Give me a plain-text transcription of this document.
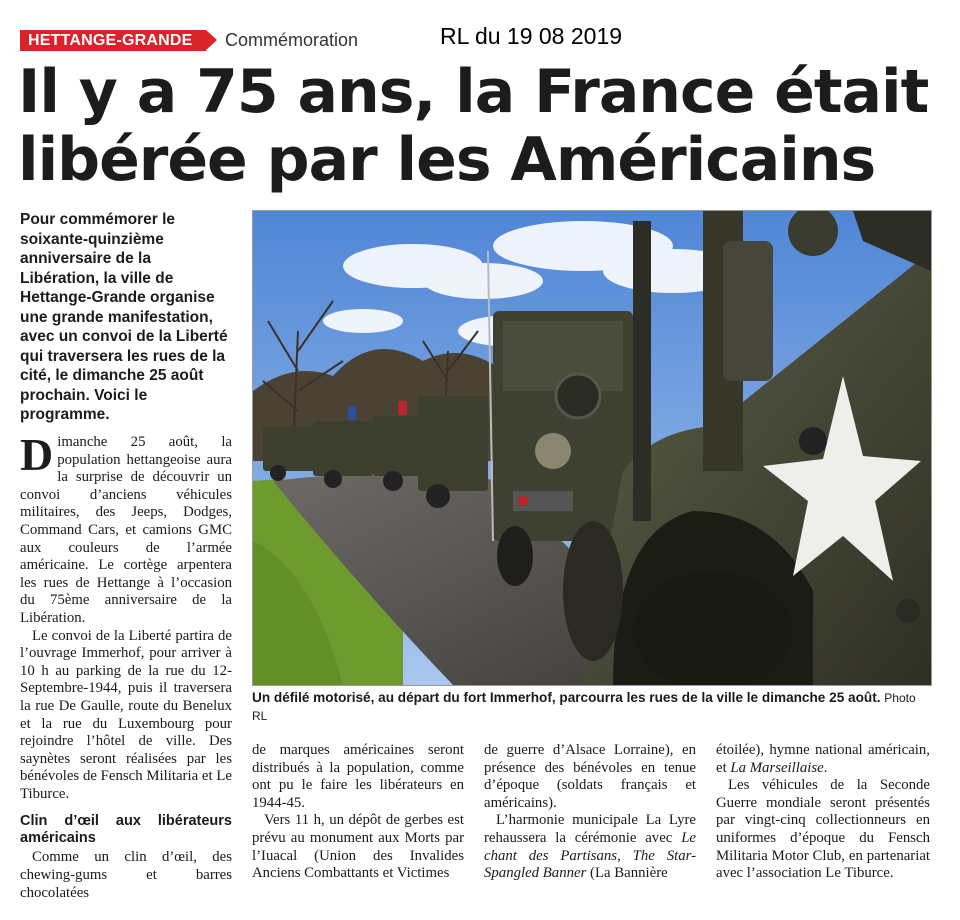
HETTANGE-GRANDE	Commémoration	RL du 19 08 2019
Il y a 75 ans, la France était
libérée par les Américains

Pour commémorer le soixante-quinzième anniversaire de la Libération, la ville de Hettange-Grande organise une grande manifestation, avec un convoi de la Liberté qui traversera les rues de la cité, le dimanche 25 août prochain. Voici le programme.

Dimanche 25 août, la population hettangeoise aura la surprise de découvrir un convoi d’anciens véhicules militaires, des Jeeps, Dodges, Command Cars, et camions GMC aux couleurs de l’armée américaine. Le cortège arpentera les rues de Hettange à l’occasion du 75ème anniversaire de la Libération.

Le convoi de la Liberté partira de l’ouvrage Immerhof, pour arriver à 10 h au parking de la rue du 12-Septembre-1944, puis il traversera la rue De Gaulle, route du Benelux et la rue du Luxembourg pour rejoindre l’hôtel de ville. Des saynètes seront réalisées par les bénévoles de Fensch Militaria et Le Tiburce.

Clin d’œil aux libérateurs américains

Comme un clin d’œil, des chewing-gums et barres chocolatées

de marques américaines seront distribués à la population, comme ont pu le faire les libérateurs en 1944-45.

Vers 11 h, un dépôt de gerbes est prévu au monument aux Morts par l’Iuacal (Union des Invalides Anciens Combattants et Victimes

de guerre d’Alsace Lorraine), en présence des bénévoles en tenue d’époque (soldats français et américains).

L’harmonie municipale La Lyre rehaussera la cérémonie avec Le chant des Partisans, The Star-Spangled Banner (La Bannière

étoilée), hymne national américain, et La Marseillaise.

Les véhicules de la Seconde Guerre mondiale seront présentés par vingt-cinq collectionneurs en uniformes d’époque du Fensch Militaria Motor Club, en partenariat avec l’association Le Tiburce.

Un défilé motorisé, au départ du fort Immerhof, parcourra les rues de la ville le dimanche 25 août. Photo RL
